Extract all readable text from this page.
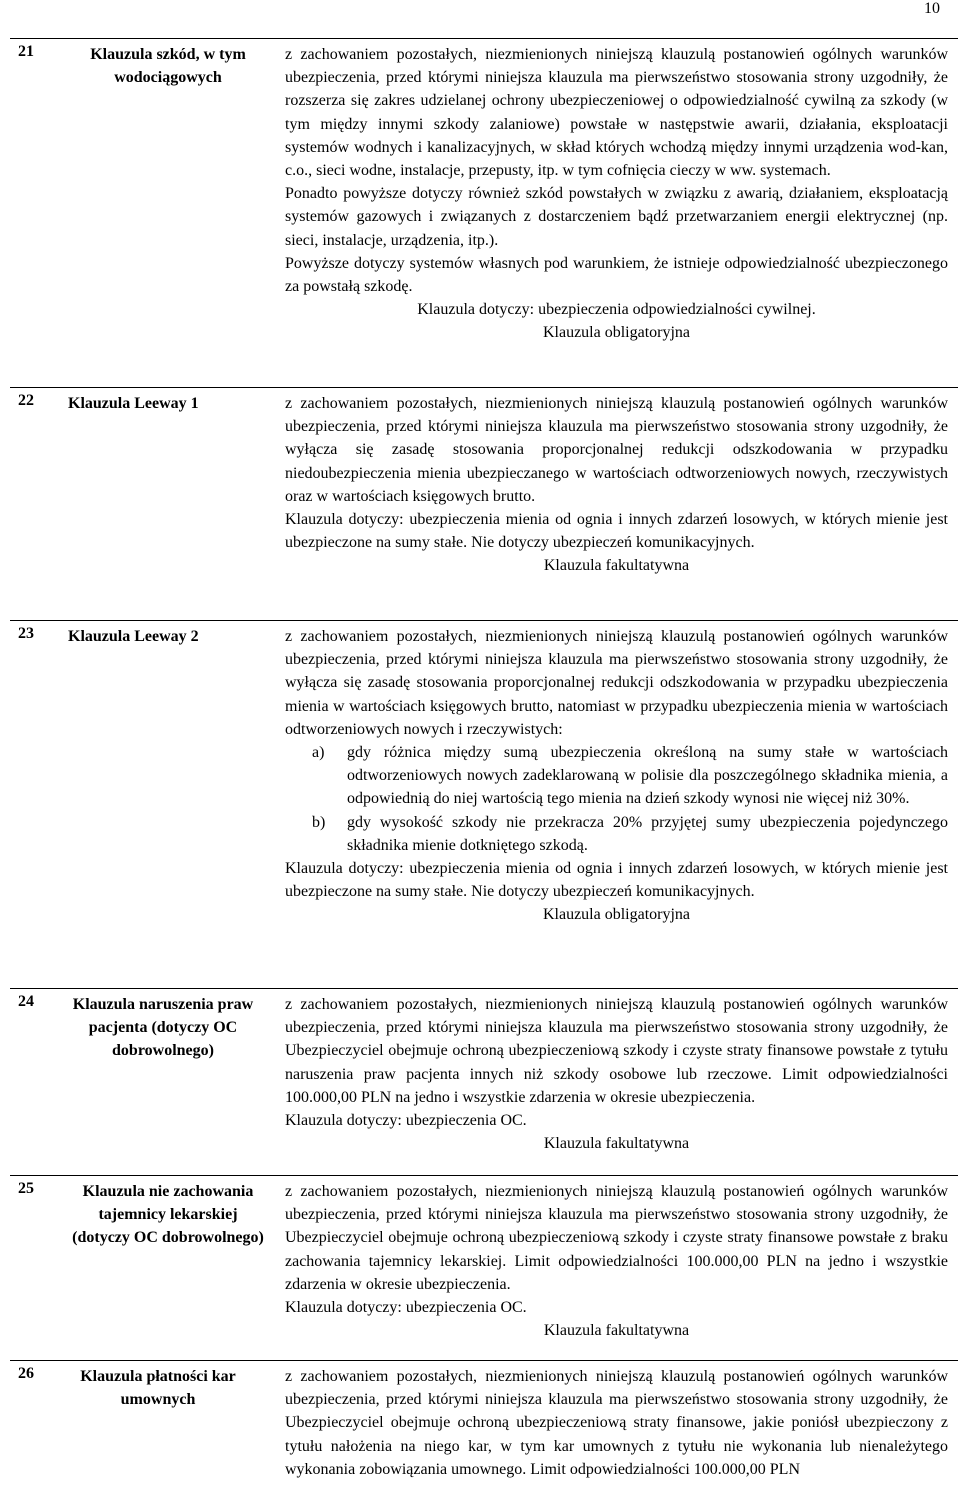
10
21	Klauzula szkód, w tym wodociągowych

z zachowaniem pozostałych, niezmienionych niniejszą klauzulą postanowień ogólnych warunków ubezpieczenia, przed którymi niniejsza klauzula ma pierwszeństwo stosowania strony uzgodniły, że rozszerza się zakres udzielanej ochrony ubezpieczeniowej o odpowiedzialność cywilną za szkody (w tym między innymi szkody zalaniowe) powstałe w następstwie awarii, działania, eksploatacji systemów wodnych i kanalizacyjnych, w skład których wchodzą między innymi urządzenia wod-kan, c.o., sieci wodne, instalacje, przepusty, itp. w tym cofnięcia cieczy w ww. systemach.

Ponadto powyższe dotyczy również szkód powstałych w związku z awarią, działaniem, eksploatacją systemów gazowych i związanych z dostarczeniem bądź przetwarzaniem energii elektrycznej (np. sieci, instalacje, urządzenia, itp.).

Powyższe dotyczy systemów własnych pod warunkiem, że istnieje odpowiedzialność ubezpieczonego za powstałą szkodę.

Klauzula dotyczy: ubezpieczenia odpowiedzialności cywilnej.

Klauzula obligatoryjna

22 Klauzula Leeway 1	z zachowaniem pozostałych, niezmienionych niniejszą klauzulą postanowień ogólnych warunków ubezpieczenia, przed którymi niniejsza klauzula ma pierwszeństwo stosowania strony uzgodniły, że wyłącza się zasadę stosowania proporcjonalnej redukcji odszkodowania w przypadku niedoubezpieczenia mienia ubezpieczanego w wartościach odtworzeniowych nowych, rzeczywistych oraz w wartościach księgowych brutto.

Klauzula dotyczy: ubezpieczenia mienia od ognia i innych zdarzeń losowych, w których mienie jest ubezpieczone na sumy stałe. Nie dotyczy ubezpieczeń komunikacyjnych.

Klauzula fakultatywna

23 Klauzula Leeway 2	z zachowaniem pozostałych, niezmienionych niniejszą klauzulą postanowień ogólnych warunków ubezpieczenia, przed którymi niniejsza klauzula ma pierwszeństwo stosowania strony uzgodniły, że wyłącza się zasadę stosowania proporcjonalnej redukcji odszkodowania w przypadku ubezpieczenia mienia w wartościach księgowych brutto, natomiast w przypadku ubezpieczenia mienia w wartościach odtworzeniowych nowych i rzeczywistych:

a) gdy różnica między sumą ubezpieczenia określoną na sumy stałe w wartościach odtworzeniowych nowych zadeklarowaną w polisie dla poszczególnego składnika mienia, a odpowiednią do niej wartością tego mienia na dzień szkody wynosi nie więcej niż 30%.
b) gdy wysokość szkody nie przekracza 20% przyjętej sumy ubezpieczenia pojedynczego składnika mienie dotkniętego szkodą.

Klauzula dotyczy: ubezpieczenia mienia od ognia i innych zdarzeń losowych, w których mienie jest ubezpieczone na sumy stałe. Nie dotyczy ubezpieczeń komunikacyjnych.

Klauzula obligatoryjna

24 Klauzula naruszenia praw pacjenta (dotyczy OC dobrowolnego)

z zachowaniem pozostałych, niezmienionych niniejszą klauzulą postanowień ogólnych warunków ubezpieczenia, przed którymi niniejsza klauzula ma pierwszeństwo stosowania strony uzgodniły, że Ubezpieczyciel obejmuje ochroną ubezpieczeniową szkody i czyste straty finansowe powstałe z tytułu naruszenia praw pacjenta innych niż szkody osobowe lub rzeczowe. Limit odpowiedzialności 100.000,00 PLN na jedno i wszystkie zdarzenia w okresie ubezpieczenia.

Klauzula dotyczy: ubezpieczenia OC.

Klauzula fakultatywna

25	Klauzula nie zachowania tajemnicy lekarskiej (dotyczy OC dobrowolnego)

z zachowaniem pozostałych, niezmienionych niniejszą klauzulą postanowień ogólnych warunków ubezpieczenia, przed którymi niniejsza klauzula ma pierwszeństwo stosowania strony uzgodniły, że Ubezpieczyciel obejmuje ochroną ubezpieczeniową szkody i czyste straty finansowe powstałe z braku zachowania tajemnicy lekarskiej. Limit odpowiedzialności 100.000,00 PLN na jedno i wszystkie zdarzenia w okresie ubezpieczenia.

Klauzula dotyczy: ubezpieczenia OC.

Klauzula fakultatywna

26	Klauzula płatności kar umownych

z zachowaniem pozostałych, niezmienionych niniejszą klauzulą postanowień ogólnych warunków ubezpieczenia, przed którymi niniejsza klauzula ma pierwszeństwo stosowania strony uzgodniły, że Ubezpieczyciel obejmuje ochroną ubezpieczeniową straty finansowe, jakie poniósł ubezpieczony z tytułu nałożenia na niego kar, w tym kar umownych z tytułu nie wykonania lub nienależytego wykonania zobowiązania umownego. Limit odpowiedzialności 100.000,00 PLN
